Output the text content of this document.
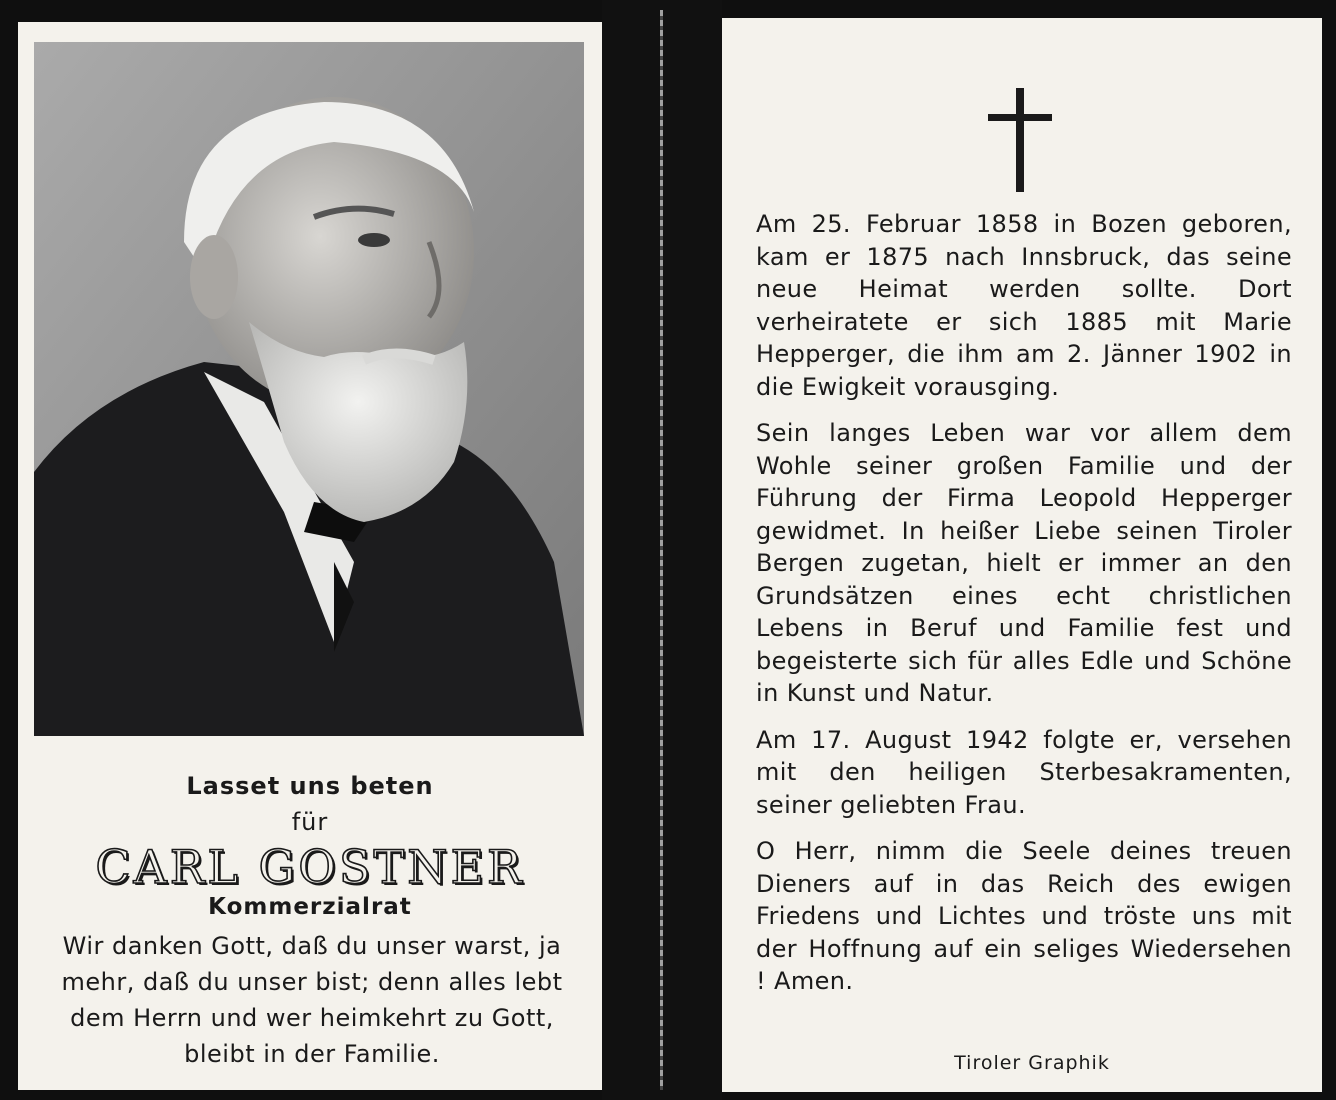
Lasset uns beten
für
CARL GOSTNER
Kommerzialrat
Wir danken Gott, daß du unser warst, ja mehr, daß du unser bist; denn alles lebt dem Herrn und wer heimkehrt zu Gott, bleibt in der Familie.

Am 25. Februar 1858 in Bozen geboren, kam er 1875 nach Innsbruck, das seine neue Heimat werden sollte. Dort verheiratete er sich 1885 mit Marie Hepperger, die ihm am 2. Jänner 1902 in die Ewigkeit vorausging.

Sein langes Leben war vor allem dem Wohle seiner großen Familie und der Führung der Firma Leopold Hepperger gewidmet. In heißer Liebe seinen Tiroler Bergen zugetan, hielt er immer an den Grundsätzen eines echt christlichen Lebens in Beruf und Familie fest und begeisterte sich für alles Edle und Schöne in Kunst und Natur.

Am 17. August 1942 folgte er, versehen mit den heiligen Sterbesakramenten, seiner geliebten Frau.

O Herr, nimm die Seele deines treuen Dieners auf in das Reich des ewigen Friedens und Lichtes und tröste uns mit der Hoffnung auf ein seliges Wiedersehen ! Amen.

Tiroler Graphik
